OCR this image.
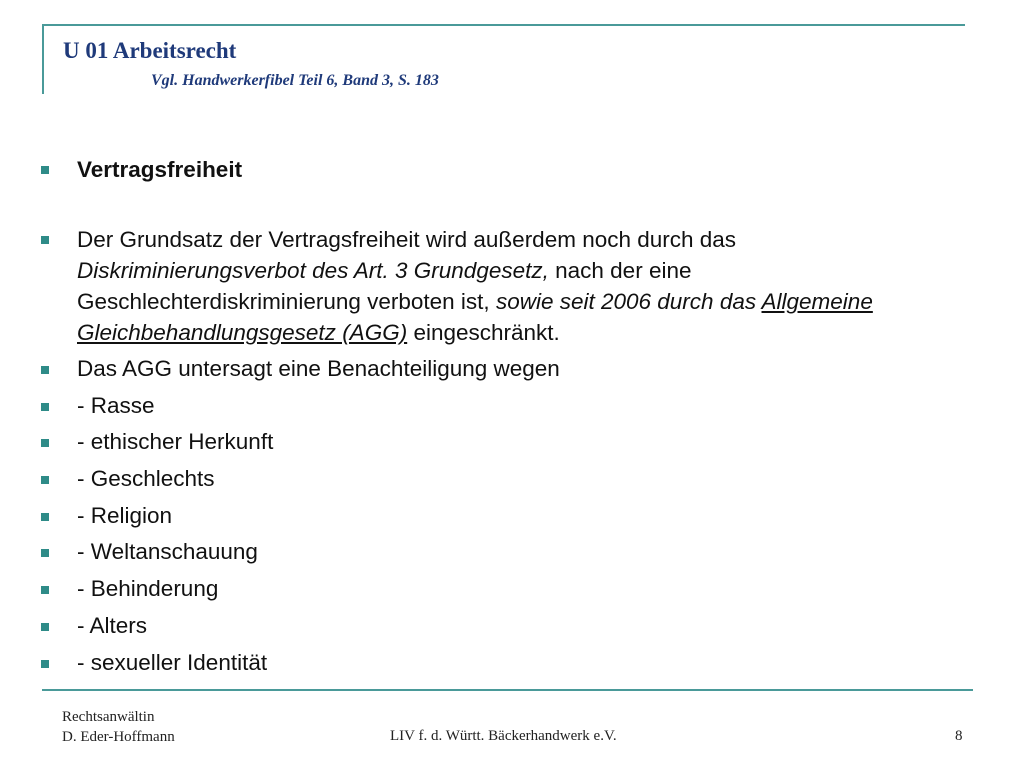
U 01 Arbeitsrecht

Vgl. Handwerkerfibel Teil 6, Band 3, S. 183

Vertragsfreiheit
Der Grundsatz der Vertragsfreiheit wird außerdem noch durch das Diskriminierungsverbot des Art. 3 Grundgesetz, nach der eine Geschlechterdiskriminierung verboten ist, sowie seit 2006 durch das Allgemeine Gleichbehandlungsgesetz (AGG) eingeschränkt.
Das AGG untersagt eine Benachteiligung wegen
- Rasse
- ethischer Herkunft
- Geschlechts
- Religion
- Weltanschauung
- Behinderung
- Alters
- sexueller Identität
Rechtsanwältin
D. Eder-Hoffmann	LIV f. d. Württ. Bäckerhandwerk e.V.	8
